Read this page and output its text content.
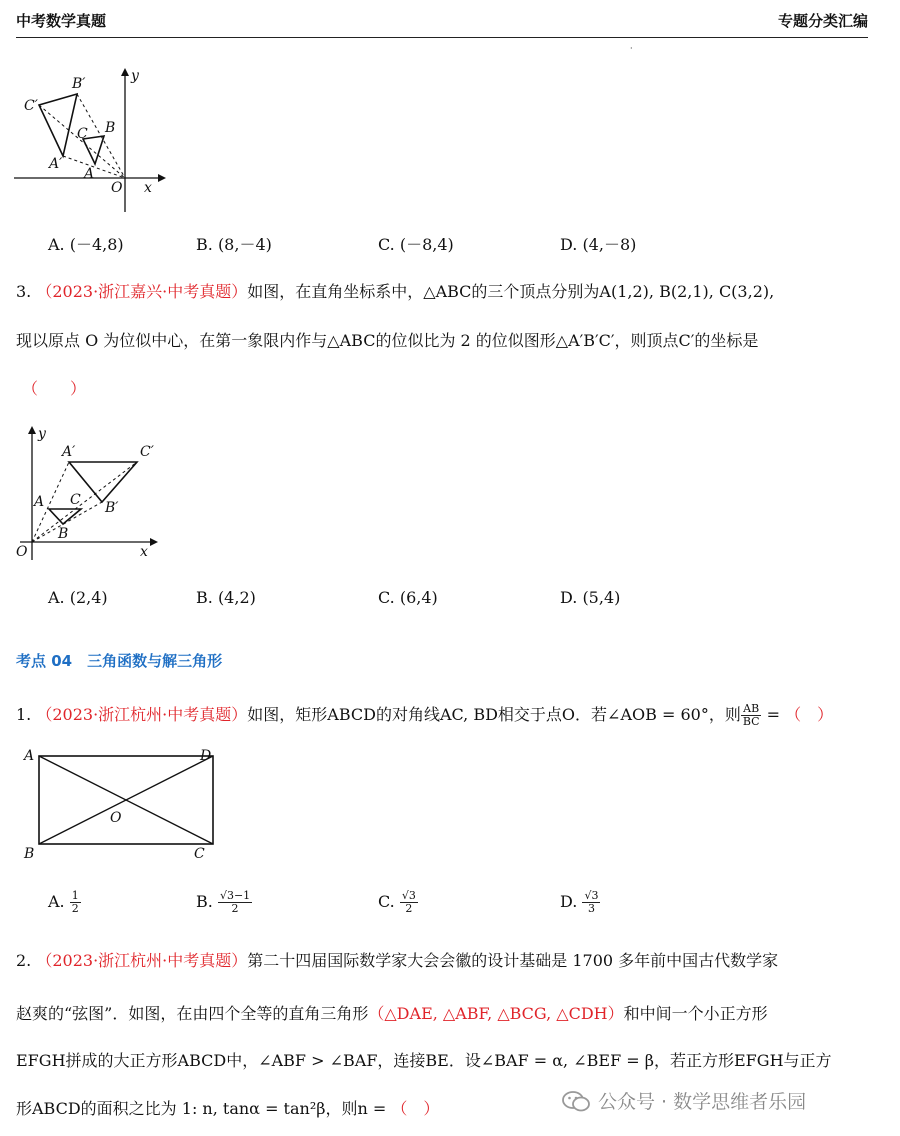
中考数学真题	专题分类汇编
·
B′
C′
B
C
A′
A
O x
y
A. (－4,8)	B. (8,－4)	C. (－8,4)	D. (4,－8)
3. （2023·浙江嘉兴·中考真题）如图，在直角坐标系中，△ABC的三个顶点分别为A(1,2), B(2,1), C(3,2),
现以原点 O 为位似中心，在第一象限内作与△ABC的位似比为 2 的位似图形△A′B′C′，则顶点C′的坐标是
（　　）
A′	C′
A C
B
B′
O	x
y
A. (2,4)	B. (4,2)	C. (6,4)	D. (5,4)
考点 04　三角函数与解三角形
1. （2023·浙江杭州·中考真题）如图，矩形ABCD的对角线AC, BD相交于点O．若∠AOB = 60°，则 $\frac{AB}{BC}$ = （　）
A	D
O
B	C
A. $\frac{1}{2}$	B. $\frac{√3-1}{2}$	C. $\frac{√3}{2}$	D. $\frac{√3}{3}$
2. （2023·浙江杭州·中考真题）第二十四届国际数学家大会会徽的设计基础是 1700 多年前中国古代数学家
赵爽的“弦图”．如图，在由四个全等的直角三角形（△DAE, △ABF, △BCG, △CDH）和中间一个小正方形
EFGH拼成的大正方形ABCD中，∠ABF > ∠BAF，连接BE．设∠BAF = α, ∠BEF = β，若正方形EFGH与正方
形ABCD的面积之比为 1: n, tanα = tan²β，则n = （　）	公众号 · 数学思维者乐园
